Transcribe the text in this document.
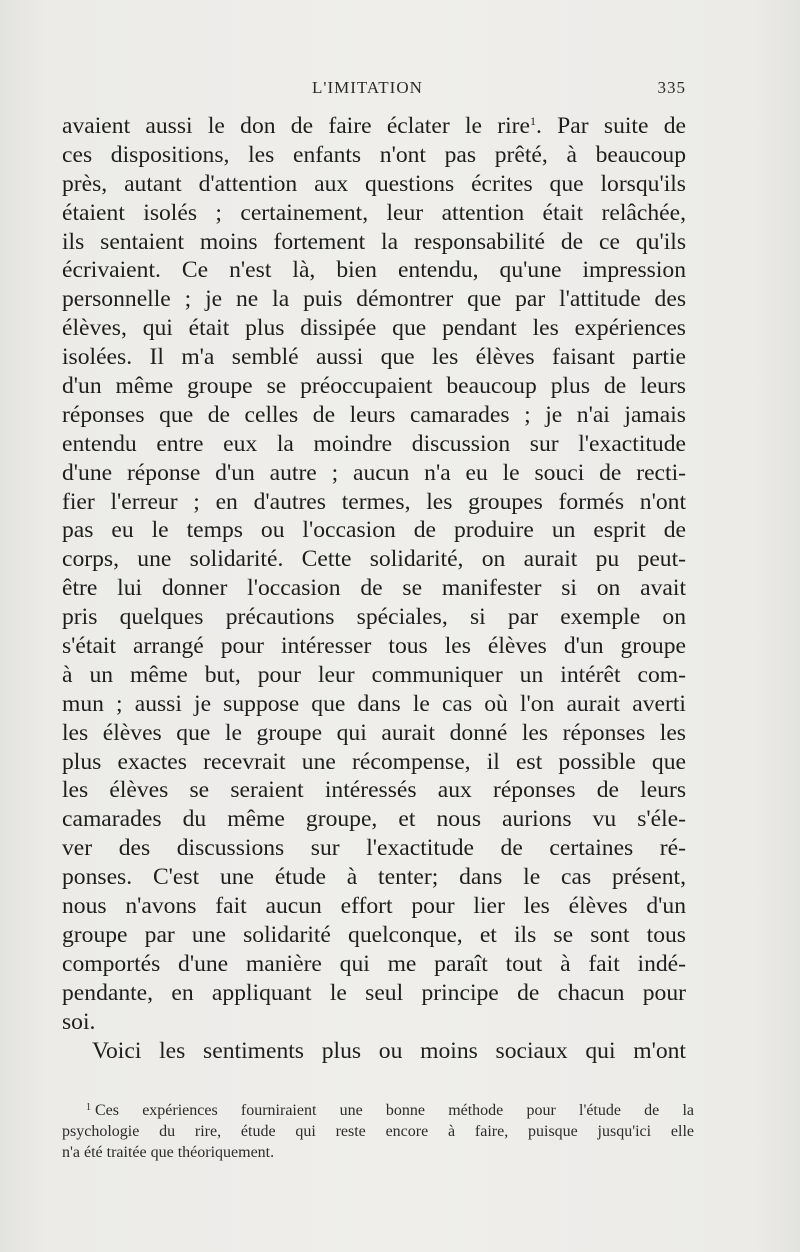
L'IMITATION	335
avaient aussi le don de faire éclater le rire$^1$. Par suite de
ces dispositions, les enfants n'ont pas prêté, à beaucoup
près, autant d'attention aux questions écrites que lorsqu'ils
étaient isolés ; certainement, leur attention était relâchée,
ils sentaient moins fortement la responsabilité de ce qu'ils
écrivaient. Ce n'est là, bien entendu, qu'une impression
personnelle ; je ne la puis démontrer que par l'attitude des
élèves, qui était plus dissipée que pendant les expériences
isolées. Il m'a semblé aussi que les élèves faisant partie
d'un même groupe se préoccupaient beaucoup plus de leurs
réponses que de celles de leurs camarades ; je n'ai jamais
entendu entre eux la moindre discussion sur l'exactitude
d'une réponse d'un autre ; aucun n'a eu le souci de recti-
fier l'erreur ; en d'autres termes, les groupes formés n'ont
pas eu le temps ou l'occasion de produire un esprit de
corps, une solidarité. Cette solidarité, on aurait pu peut-
être lui donner l'occasion de se manifester si on avait
pris quelques précautions spéciales, si par exemple on
s'était arrangé pour intéresser tous les élèves d'un groupe
à un même but, pour leur communiquer un intérêt com-
mun ; aussi je suppose que dans le cas où l'on aurait averti
les élèves que le groupe qui aurait donné les réponses les
plus exactes recevrait une récompense, il est possible que
les élèves se seraient intéressés aux réponses de leurs
camarades du même groupe, et nous aurions vu s'éle-
ver des discussions sur l'exactitude de certaines ré-
ponses. C'est une étude à tenter; dans le cas présent,
nous n'avons fait aucun effort pour lier les élèves d'un
groupe par une solidarité quelconque, et ils se sont tous
comportés d'une manière qui me paraît tout à fait indé-
pendante, en appliquant le seul principe de chacun pour
soi.
Voici les sentiments plus ou moins sociaux qui m'ont
$^1$ Ces expériences fourniraient une bonne méthode pour l'étude de la
psychologie du rire, étude qui reste encore à faire, puisque jusqu'ici elle
n'a été traitée que théoriquement.
